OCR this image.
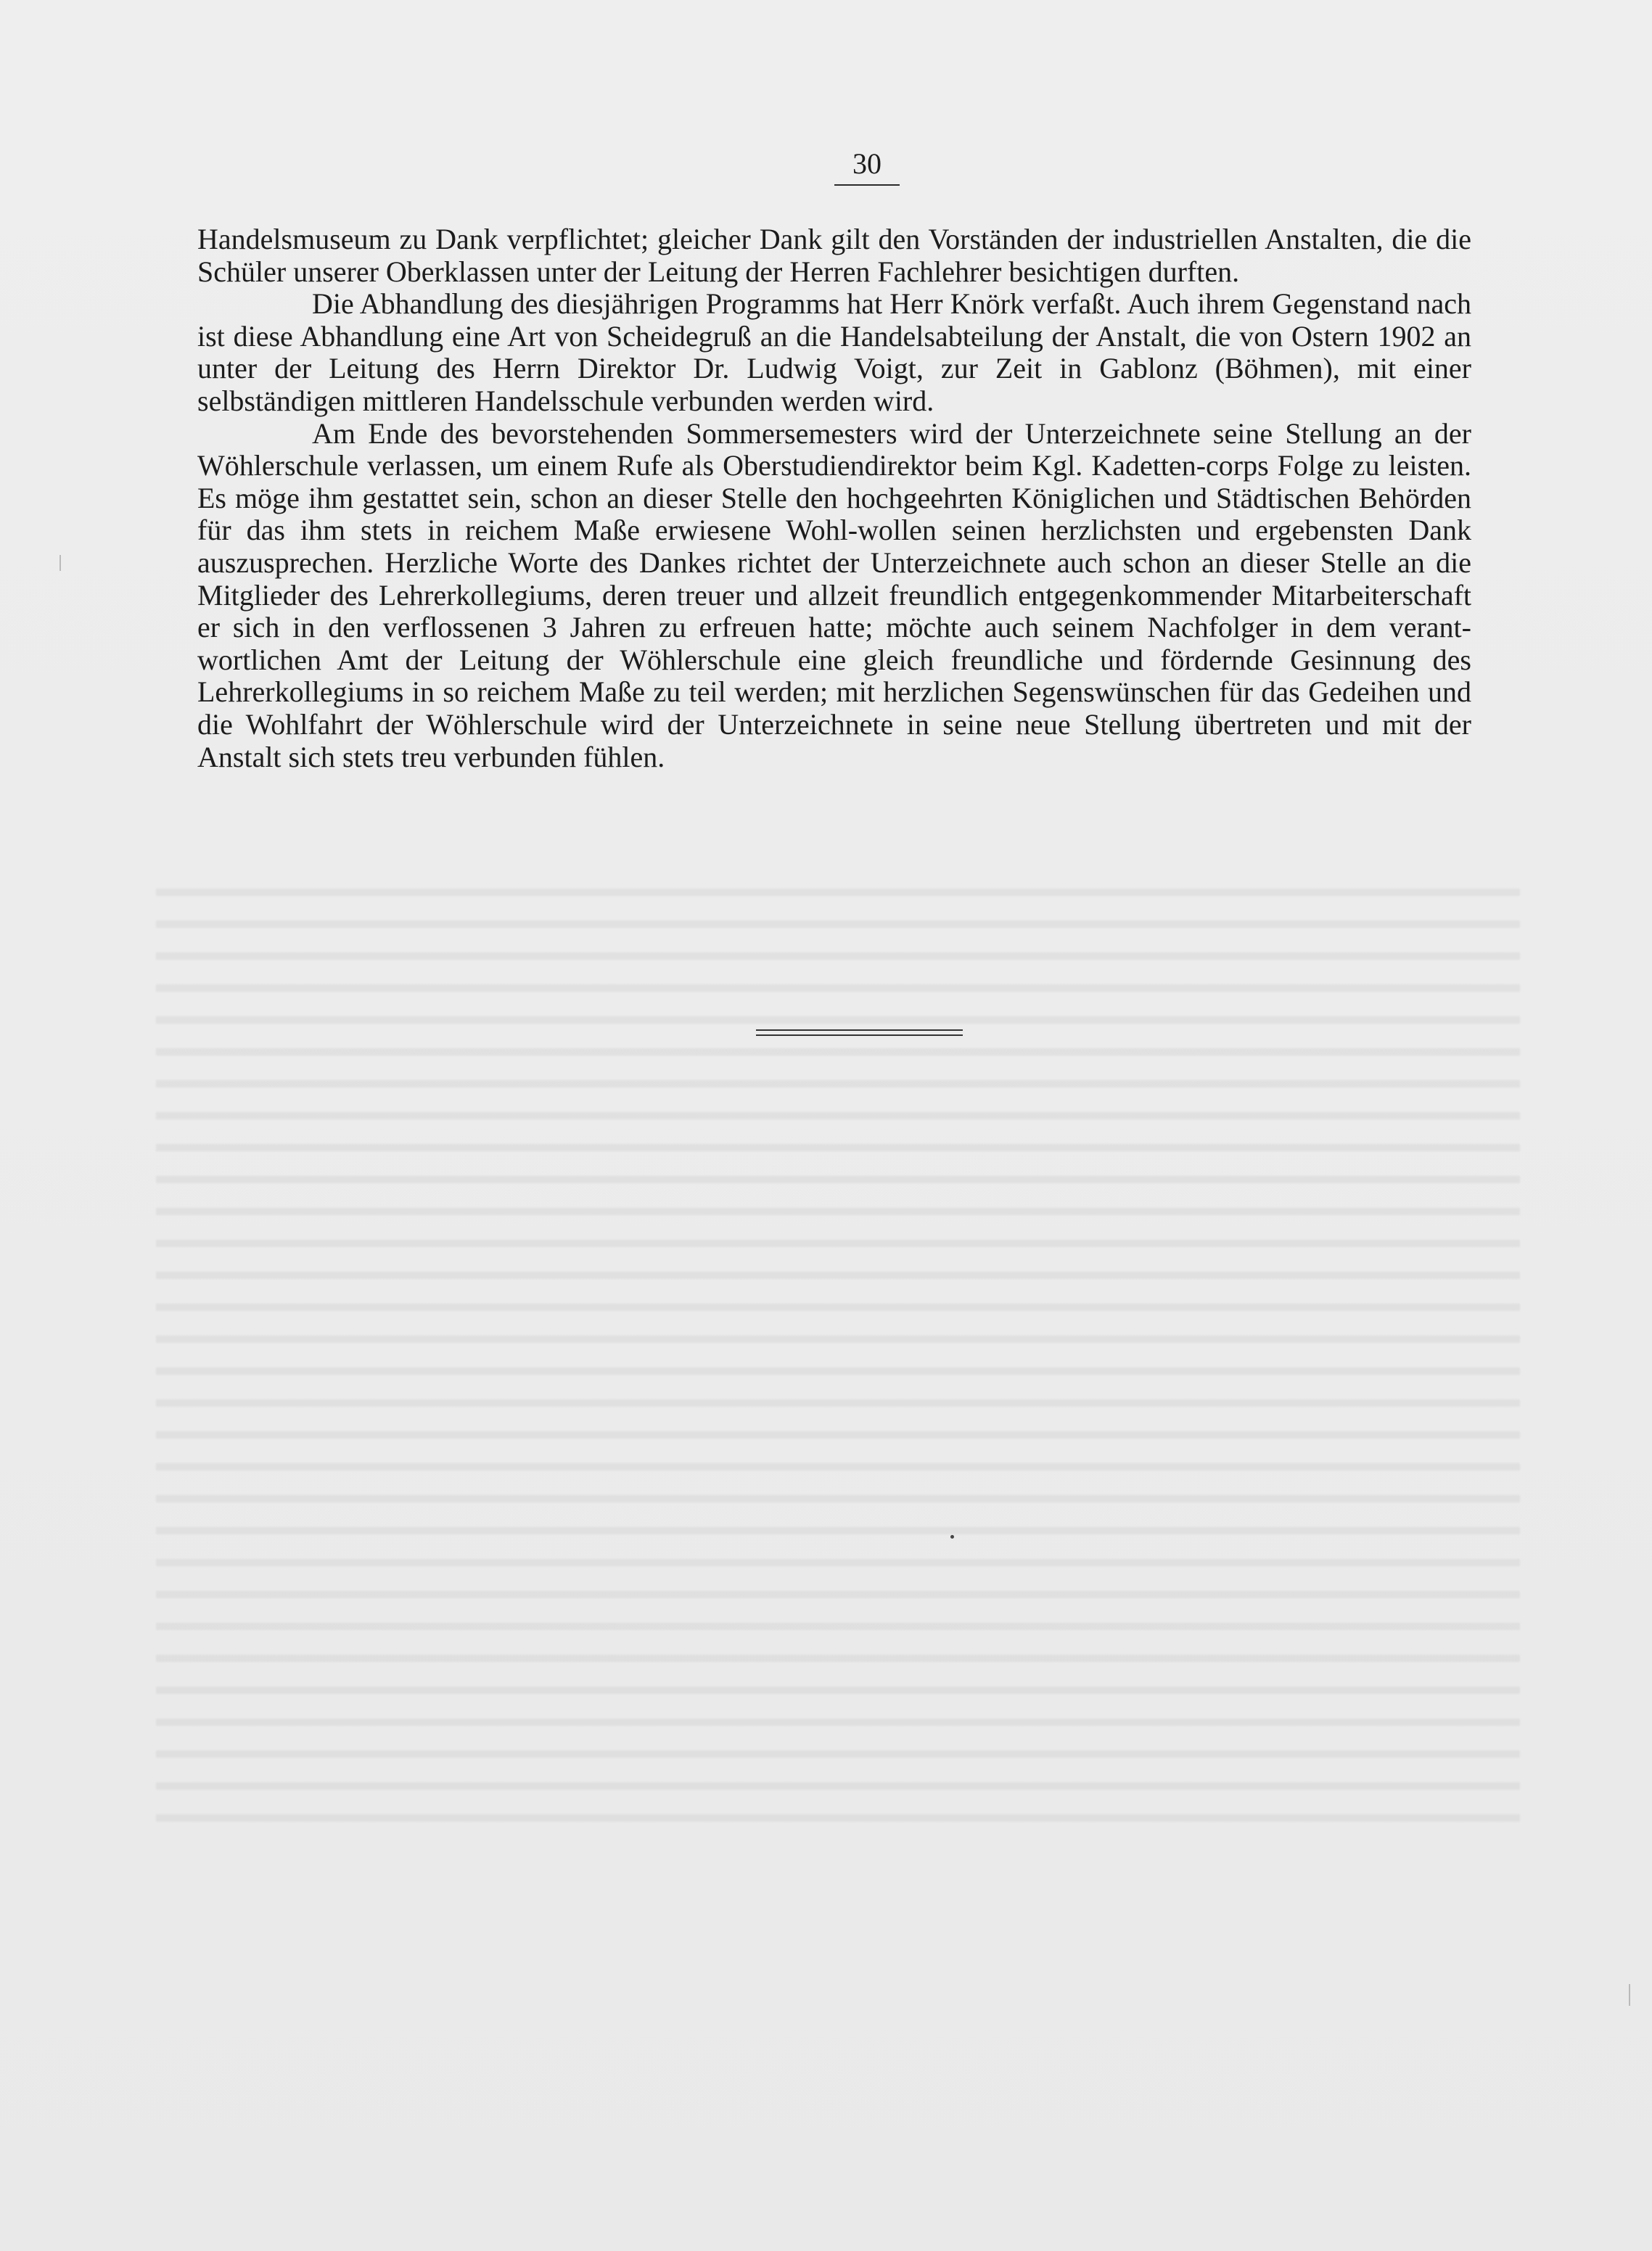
30

Handelsmuseum zu Dank verpflichtet; gleicher Dank gilt den Vorständen der industriellen Anstalten, die die Schüler unserer Oberklassen unter der Leitung der Herren Fachlehrer besichtigen durften.

Die Abhandlung des diesjährigen Programms hat Herr Knörk verfaßt. Auch ihrem Gegenstand nach ist diese Abhandlung eine Art von Scheidegruß an die Handelsabteilung der Anstalt, die von Ostern 1902 an unter der Leitung des Herrn Direktor Dr. Ludwig Voigt, zur Zeit in Gablonz (Böhmen), mit einer selbständigen mittleren Handelsschule verbunden werden wird.

Am Ende des bevorstehenden Sommersemesters wird der Unterzeichnete seine Stellung an der Wöhlerschule verlassen, um einem Rufe als Oberstudiendirektor beim Kgl. Kadetten-corps Folge zu leisten. Es möge ihm gestattet sein, schon an dieser Stelle den hochgeehrten Königlichen und Städtischen Behörden für das ihm stets in reichem Maße erwiesene Wohl-wollen seinen herzlichsten und ergebensten Dank auszusprechen. Herzliche Worte des Dankes richtet der Unterzeichnete auch schon an dieser Stelle an die Mitglieder des Lehrerkollegiums, deren treuer und allzeit freundlich entgegenkommender Mitarbeiterschaft er sich in den verflossenen 3 Jahren zu erfreuen hatte; möchte auch seinem Nachfolger in dem verant-wortlichen Amt der Leitung der Wöhlerschule eine gleich freundliche und fördernde Gesinnung des Lehrerkollegiums in so reichem Maße zu teil werden; mit herzlichen Segenswünschen für das Gedeihen und die Wohlfahrt der Wöhlerschule wird der Unterzeichnete in seine neue Stellung übertreten und mit der Anstalt sich stets treu verbunden fühlen.
